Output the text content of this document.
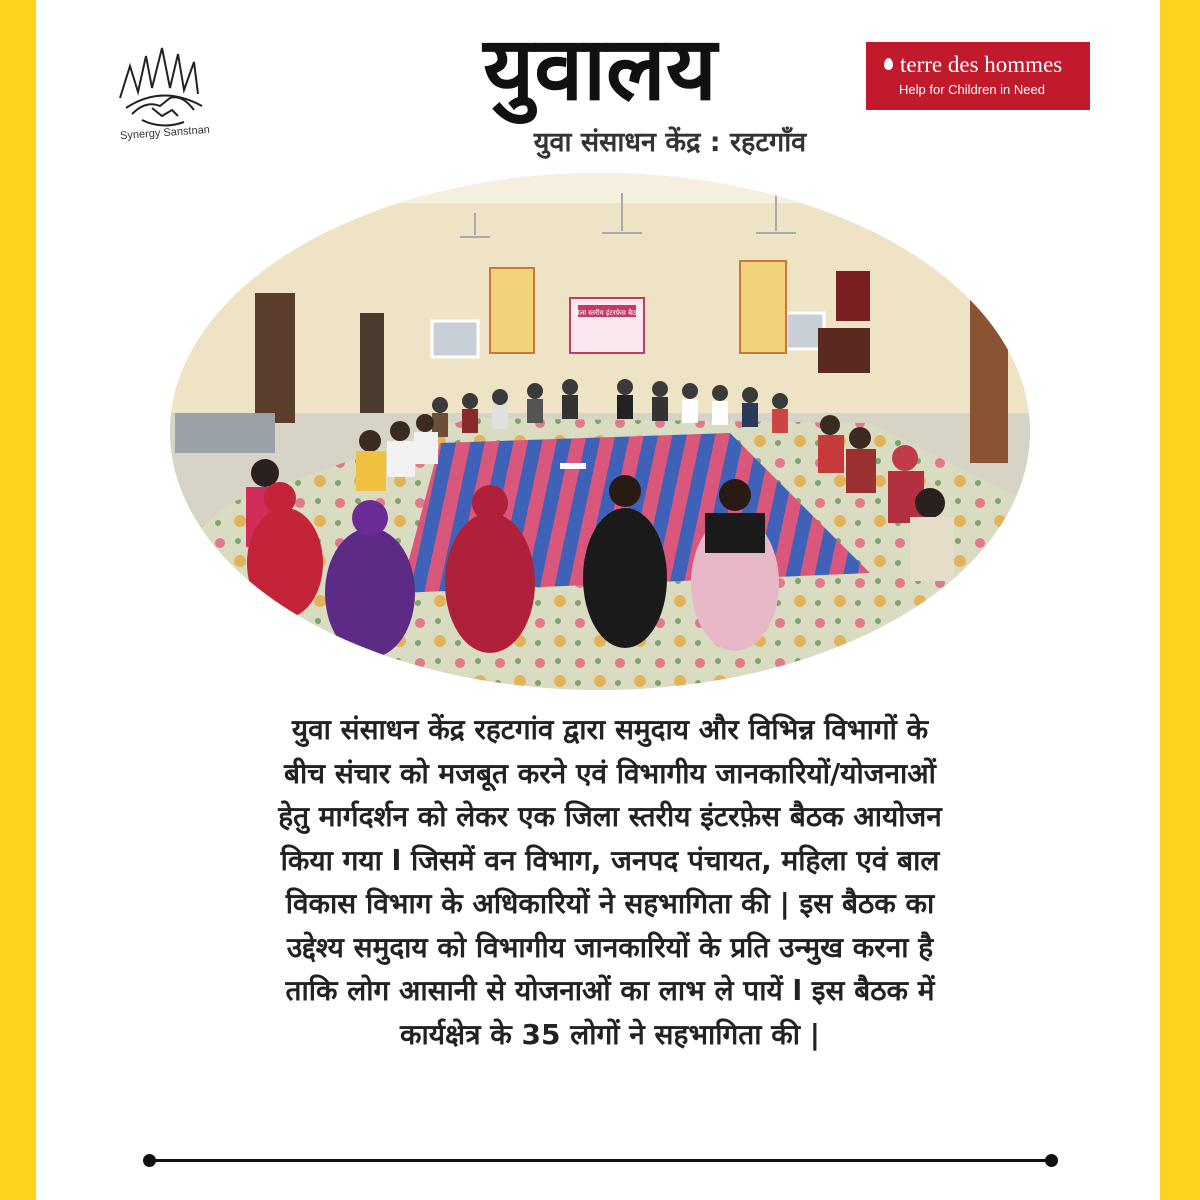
Synergy Sanstnan
युवालय
युवा संसाधन केंद्र : रहटगाँव
terre des hommes
Help for Children in Need
जिला स्तरीय इंटरफ़ेस बैठक
युवा संसाधन केंद्र रहटगांव द्वारा समुदाय और विभिन्न विभागों के
बीच संचार को मजबूत करने एवं विभागीय जानकारियों/योजनाओं
हेतु मार्गदर्शन को लेकर एक जिला स्तरीय इंटरफ़ेस बैठक आयोजन
किया गया l जिसमें वन विभाग, जनपद पंचायत, महिला एवं बाल
विकास विभाग के अधिकारियों ने सहभागिता की | इस बैठक का
उद्देश्य समुदाय को विभागीय जानकारियों के प्रति उन्मुख करना है
ताकि लोग आसानी से योजनाओं का लाभ ले पायें l इस बैठक में
कार्यक्षेत्र के 35 लोगों ने सहभागिता की |
